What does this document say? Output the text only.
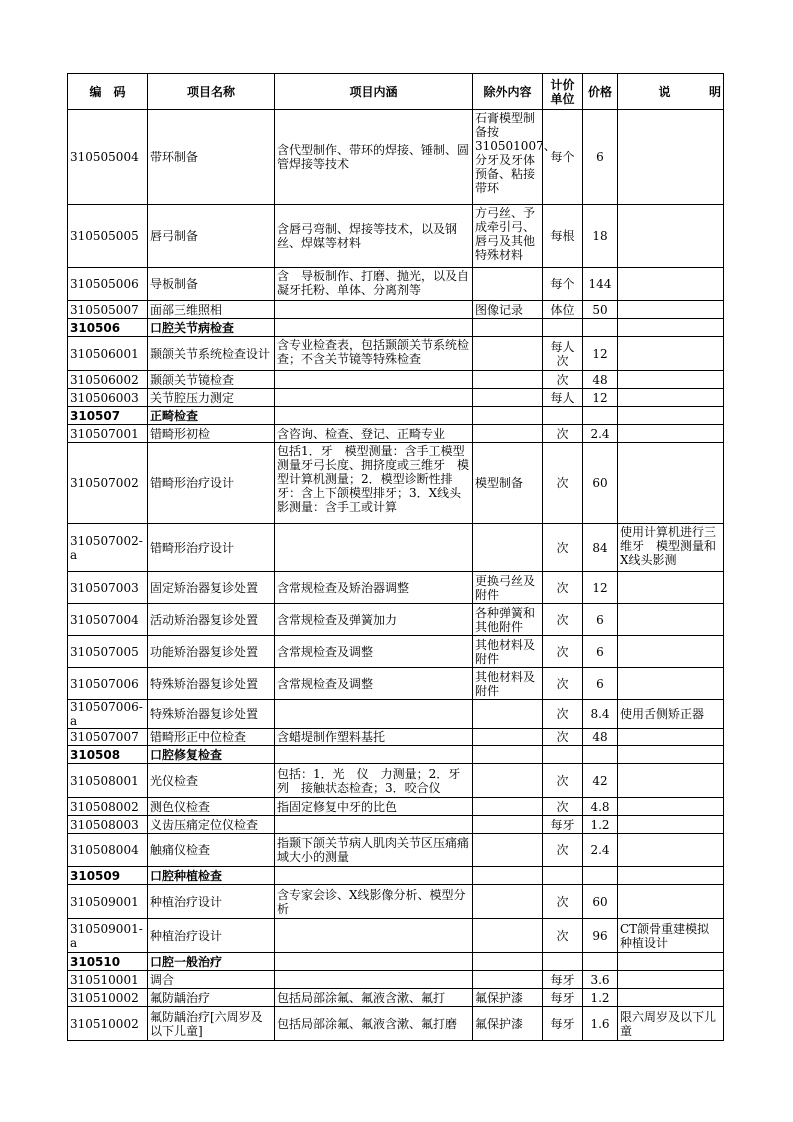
编　码	项目名称	项目内涵	除外内容	计价单位	价格	说 明

310505004	带环制备	含代型制作、带环的焊接、锤制、圆管焊接等技术	石膏模型制备按310501007、分牙及牙体预备、粘接带环	每个	6	
310505005	唇弓制备	含唇弓弯制、焊接等技术，以及钢丝、焊媒等材料	方弓丝、予成牵引弓、唇弓及其他特殊材料	每根	18	
310505006	导板制备	含　导板制作、打磨、抛光，以及自凝牙托粉、单体、分离剂等		每个	144	
310505007	面部三维照相		图像记录	体位	50	
310506	口腔关节病检查					
310506001	颞颌关节系统检查设计	含专业检查表，包括颞颌关节系统检查；不含关节镜等特殊检查		每人次	12	
310506002	颞颌关节镜检查			次	48	
310506003	关节腔压力测定			每人	12	
310507	正畸检查					
310507001	错畸形初检	含咨询、检查、登记、正畸专业		次	2.4	
310507002	错畸形治疗设计	包括1．牙　模型测量：含手工模型测量牙弓长度、拥挤度或三维牙　模型计算机测量；2．模型诊断性排牙：含上下颌模型排牙；3．X线头影测量：含手工或计算	模型制备	次	60	
310507002-a	错畸形治疗设计			次	84	使用计算机进行三维牙　模型测量和X线头影测

310507003	固定矫治器复诊处置	含常规检查及矫治器调整	更换弓丝及附件	次	12	
310507004	活动矫治器复诊处置	含常规检查及弹簧加力	各种弹簧和其他附件	次	6	
310507005	功能矫治器复诊处置	含常规检查及调整	其他材料及附件	次	6	
310507006	特殊矫治器复诊处置	含常规检查及调整	其他材料及附件	次	6	
310507006-a	特殊矫治器复诊处置			次	8.4	使用舌侧矫正器
310507007	错畸形正中位检查	含蜡堤制作塑料基托		次	48	
310508	口腔修复检查					
310508001	光仪检查	包括：1．光　仪　力测量；2．牙列　接触状态检查；3．咬合仪		次	42	
310508002	测色仪检查	指固定修复中牙的比色		次	4.8	
310508003	义齿压痛定位仪检查			每牙	1.2	
310508004	触痛仪检查	指颞下颌关节病人肌肉关节区压痛痛域大小的测量		次	2.4	
310509	口腔种植检查					
310509001	种植治疗设计	含专家会诊、X线影像分析、模型分析		次	60	
310509001-a	种植治疗设计			次	96	CT颌骨重建模拟种植设计
310510	口腔一般治疗					
310510001	调合			每牙	3.6	
310510002	氟防龋治疗	包括局部涂氟、氟液含漱、氟打	氟保护漆	每牙	1.2	
310510002	氟防龋治疗[六周岁及以下儿童]	包括局部涂氟、氟液含漱、氟打磨	氟保护漆	每牙	1.6	限六周岁及以下儿童
